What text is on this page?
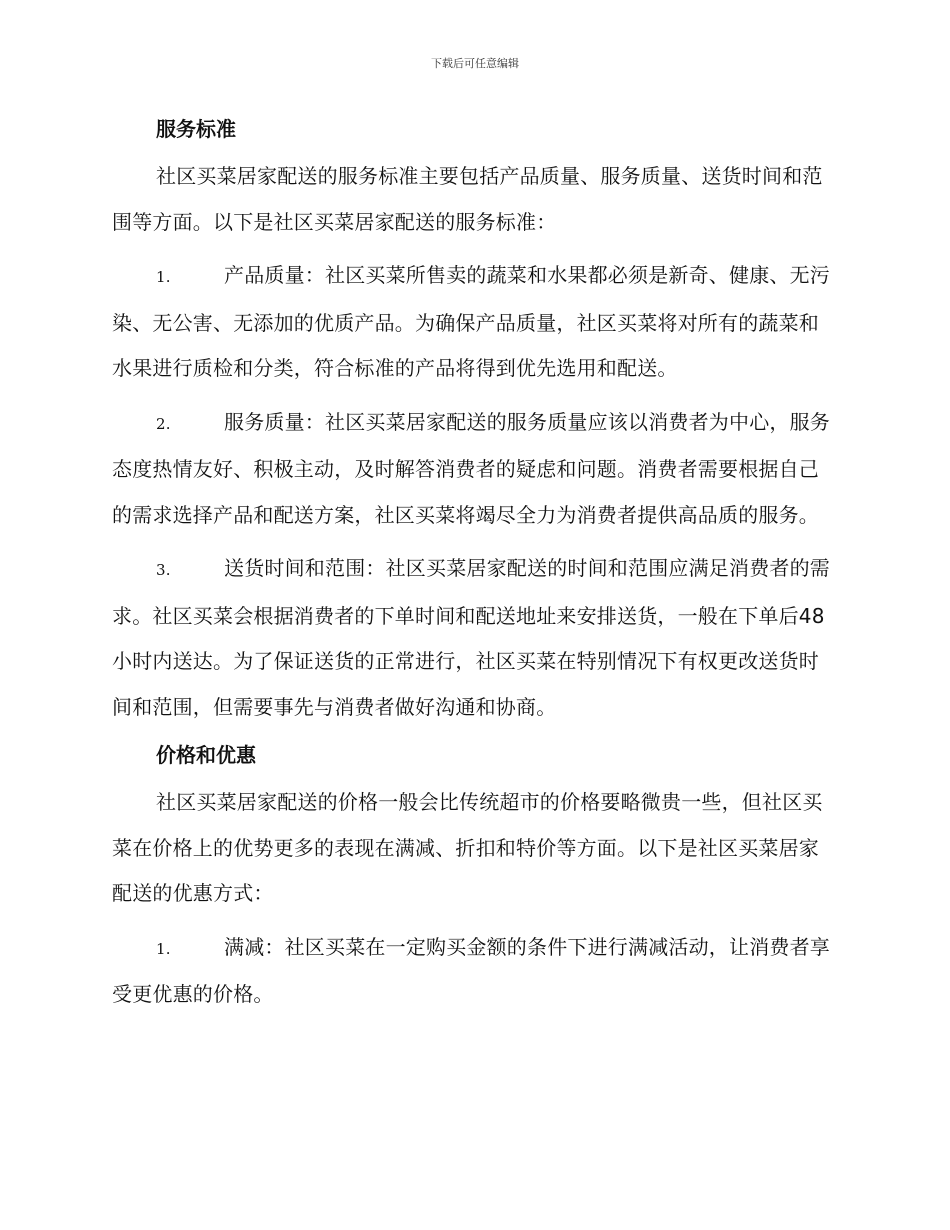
下载后可任意编辑
服务标准

社区买菜居家配送的服务标准主要包括产品质量、服务质量、送货时间和范围等方面。以下是社区买菜居家配送的服务标准：

1.	产品质量：社区买菜所售卖的蔬菜和水果都必须是新奇、健康、无污染、无公害、无添加的优质产品。为确保产品质量，社区买菜将对所有的蔬菜和水果进行质检和分类，符合标准的产品将得到优先选用和配送。

2.	服务质量：社区买菜居家配送的服务质量应该以消费者为中心，服务态度热情友好、积极主动，及时解答消费者的疑虑和问题。消费者需要根据自己的需求选择产品和配送方案，社区买菜将竭尽全力为消费者提供高品质的服务。

3.	送货时间和范围：社区买菜居家配送的时间和范围应满足消费者的需求。社区买菜会根据消费者的下单时间和配送地址来安排送货，一般在下单后48小时内送达。为了保证送货的正常进行，社区买菜在特别情况下有权更改送货时间和范围，但需要事先与消费者做好沟通和协商。

价格和优惠

社区买菜居家配送的价格一般会比传统超市的价格要略微贵一些，但社区买菜在价格上的优势更多的表现在满减、折扣和特价等方面。以下是社区买菜居家配送的优惠方式：

1.	满减：社区买菜在一定购买金额的条件下进行满减活动，让消费者享受更优惠的价格。
